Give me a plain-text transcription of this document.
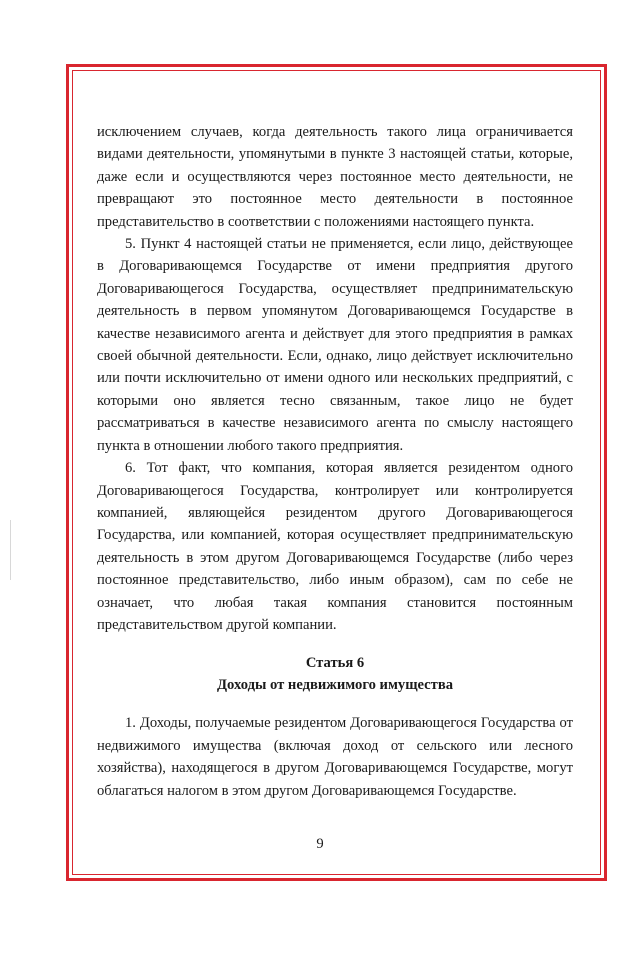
исключением случаев, когда деятельность такого лица ограничивается видами деятельности, упомянутыми в пункте 3 настоящей статьи, которые, даже если и осуществляются через постоянное место деятельности, не превращают это постоянное место деятельности в постоянное представительство в соответствии с положениями настоящего пункта.

5. Пункт 4 настоящей статьи не применяется, если лицо, действующее в Договаривающемся Государстве от имени предприятия другого Договаривающегося Государства, осуществляет предпринимательскую деятельность в первом упомянутом Договаривающемся Государстве в качестве независимого агента и действует для этого предприятия в рамках своей обычной деятельности. Если, однако, лицо действует исключительно или почти исключительно от имени одного или нескольких предприятий, с которыми оно является тесно связанным, такое лицо не будет рассматриваться в качестве независимого агента по смыслу настоящего пункта в отношении любого такого предприятия.

6. Тот факт, что компания, которая является резидентом одного Договаривающегося Государства, контролирует или контролируется компанией, являющейся резидентом другого Договаривающегося Государства, или компанией, которая осуществляет предпринимательскую деятельность в этом другом Договаривающемся Государстве (либо через постоянное представительство, либо иным образом), сам по себе не означает, что любая такая компания становится постоянным представительством другой компании.

Статья 6
Доходы от недвижимого имущества

1. Доходы, получаемые резидентом Договаривающегося Государства от недвижимого имущества (включая доход от сельского или лесного хозяйства), находящегося в другом Договаривающемся Государстве, могут облагаться налогом в этом другом Договаривающемся Государстве.

9
